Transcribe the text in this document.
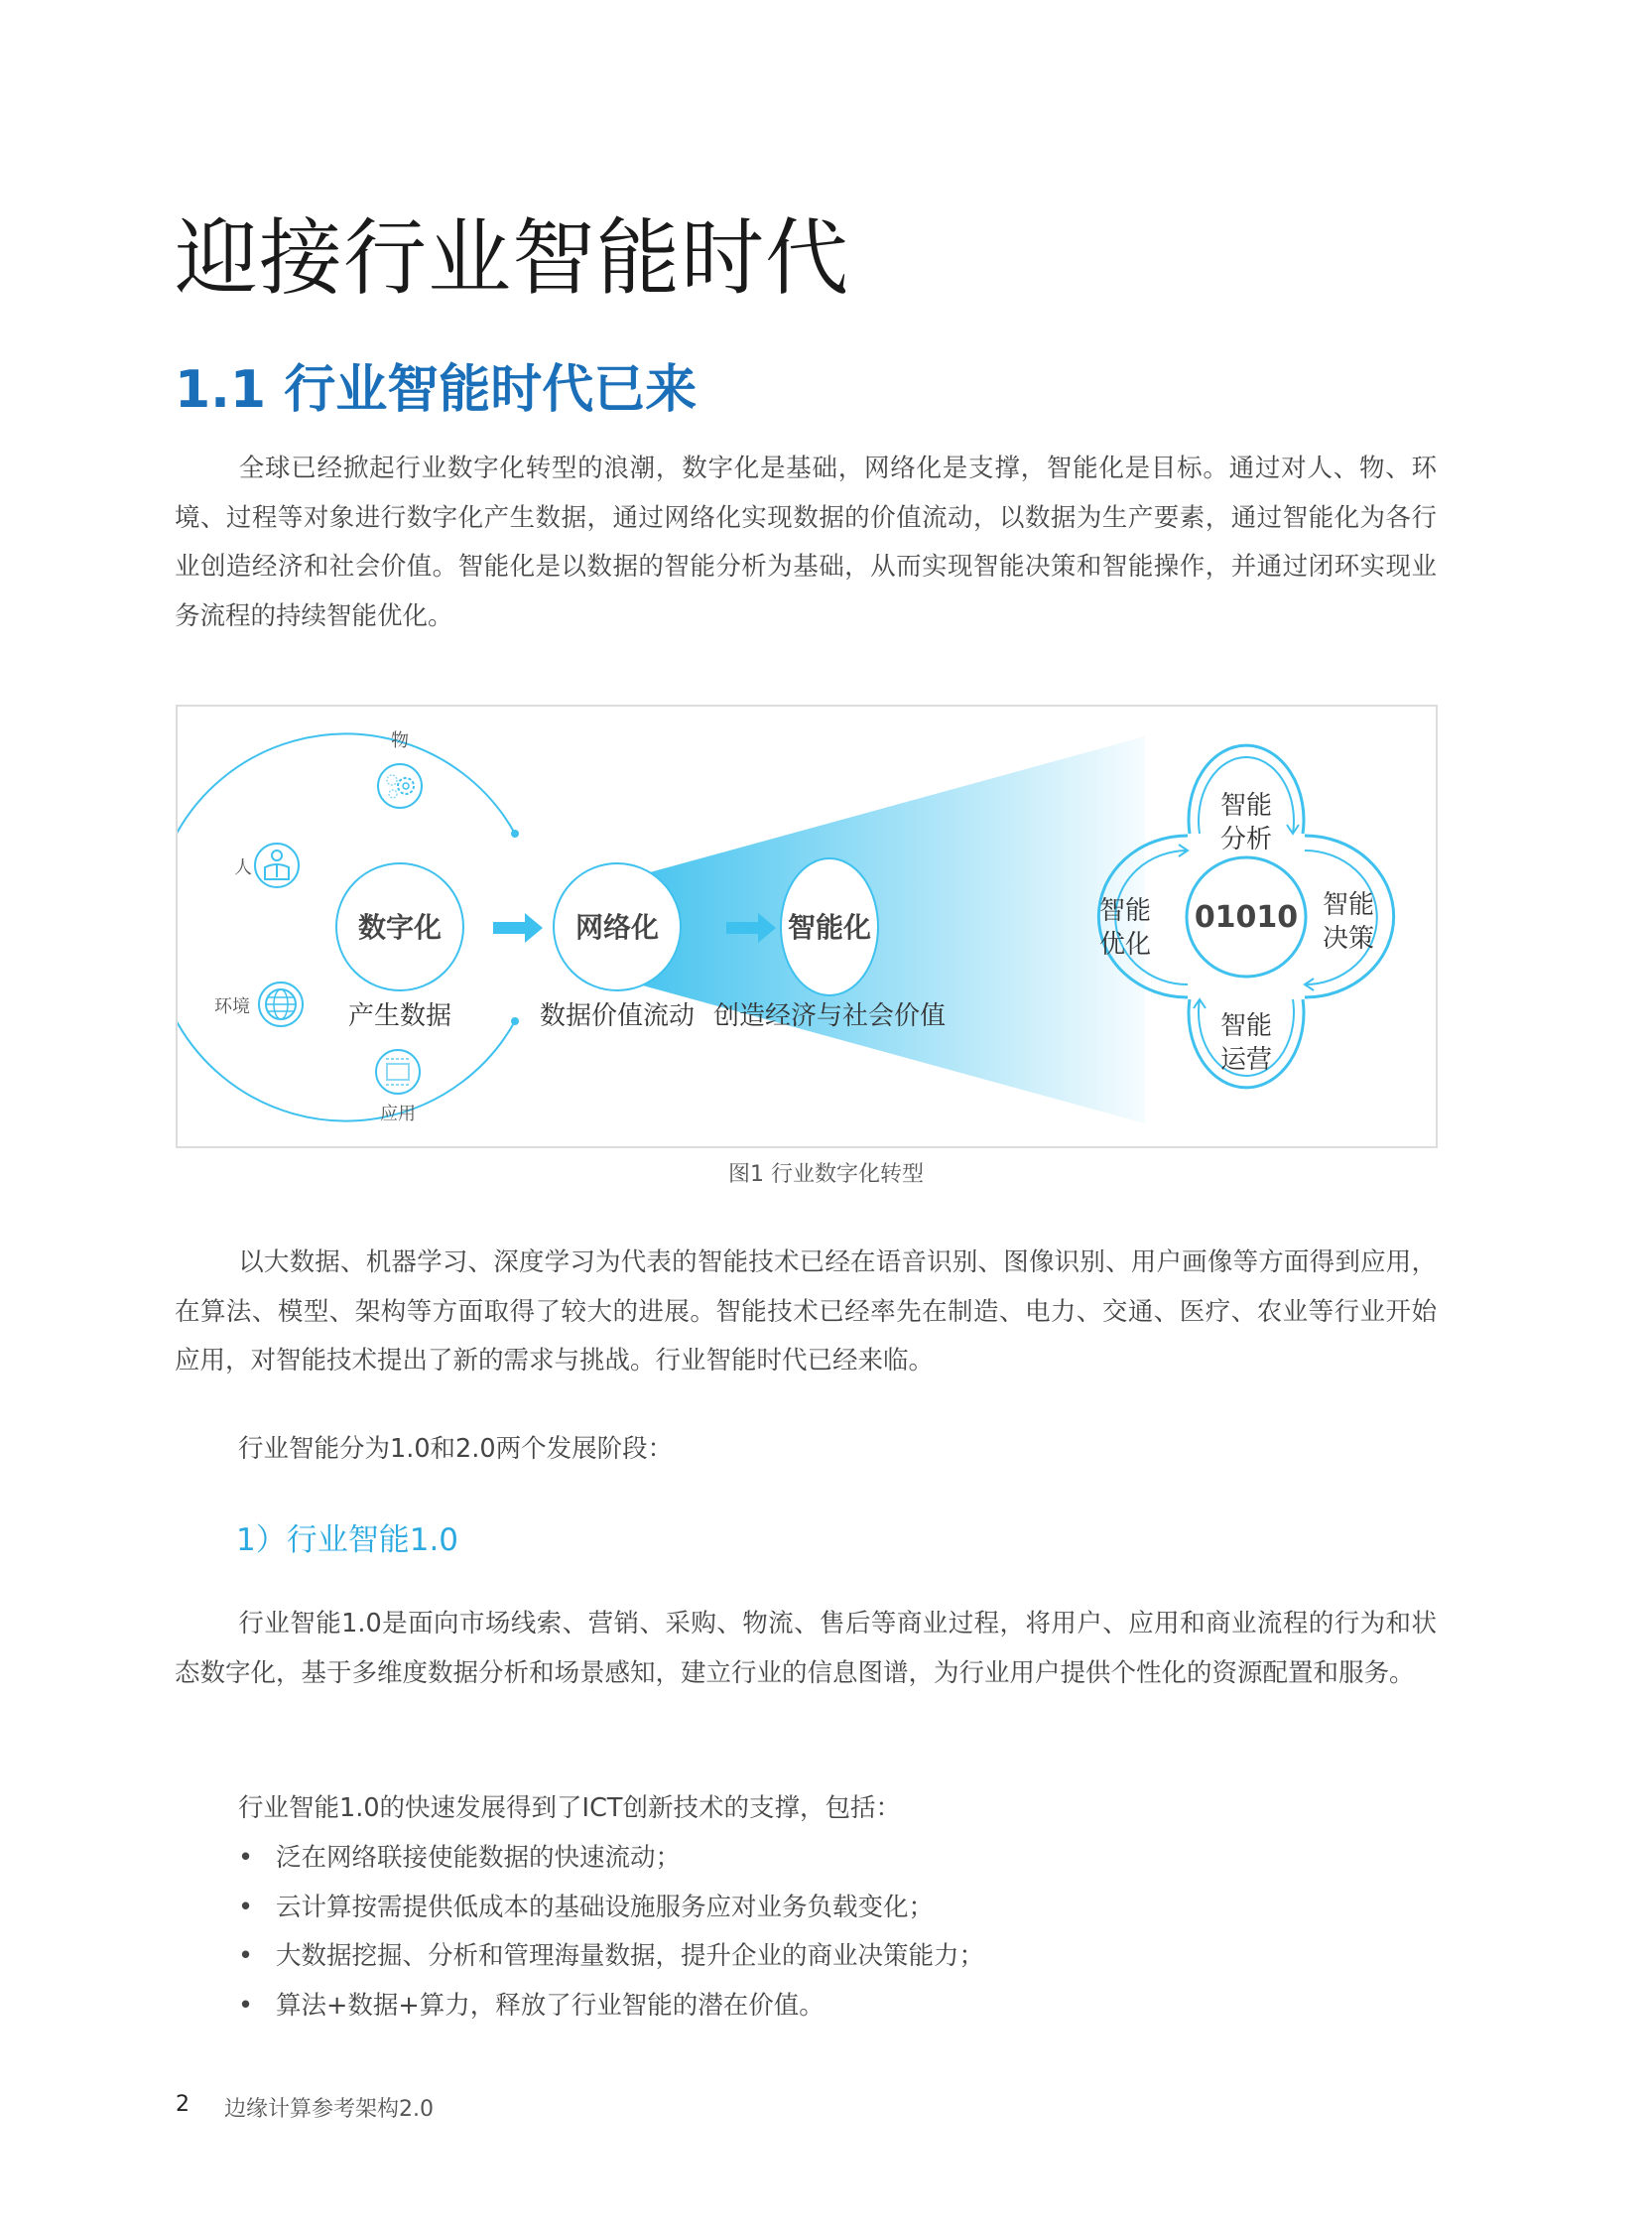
迎接行业智能时代
1.1 行业智能时代已来
全球已经掀起行业数字化转型的浪潮，数字化是基础，网络化是支撑，智能化是目标。通过对人、物、环境、过程等对象进行数字化产生数据，通过网络化实现数据的价值流动，以数据为生产要素，通过智能化为各行业创造经济和社会价值。智能化是以数据的智能分析为基础，从而实现智能决策和智能操作，并通过闭环实现业务流程的持续智能优化。
物
人
环境
应用
数字化
产生数据
网络化
数据价值流动
智能化
创造经济与社会价值
01010
智能
分析
智能
决策
智能
运营
智能
优化
图1 行业数字化转型
以大数据、机器学习、深度学习为代表的智能技术已经在语音识别、图像识别、用户画像等方面得到应用，在算法、模型、架构等方面取得了较大的进展。智能技术已经率先在制造、电力、交通、医疗、农业等行业开始应用，对智能技术提出了新的需求与挑战。行业智能时代已经来临。
行业智能分为1.0和2.0两个发展阶段：
1）行业智能1.0
行业智能1.0是面向市场线索、营销、采购、物流、售后等商业过程，将用户、应用和商业流程的行为和状态数字化，基于多维度数据分析和场景感知，建立行业的信息图谱，为行业用户提供个性化的资源配置和服务。
行业智能1.0的快速发展得到了ICT创新技术的支撑，包括：
• 泛在网络联接使能数据的快速流动；
• 云计算按需提供低成本的基础设施服务应对业务负载变化；
• 大数据挖掘、分析和管理海量数据，提升企业的商业决策能力；
• 算法+数据+算力，释放了行业智能的潜在价值。
2 边缘计算参考架构2.0
